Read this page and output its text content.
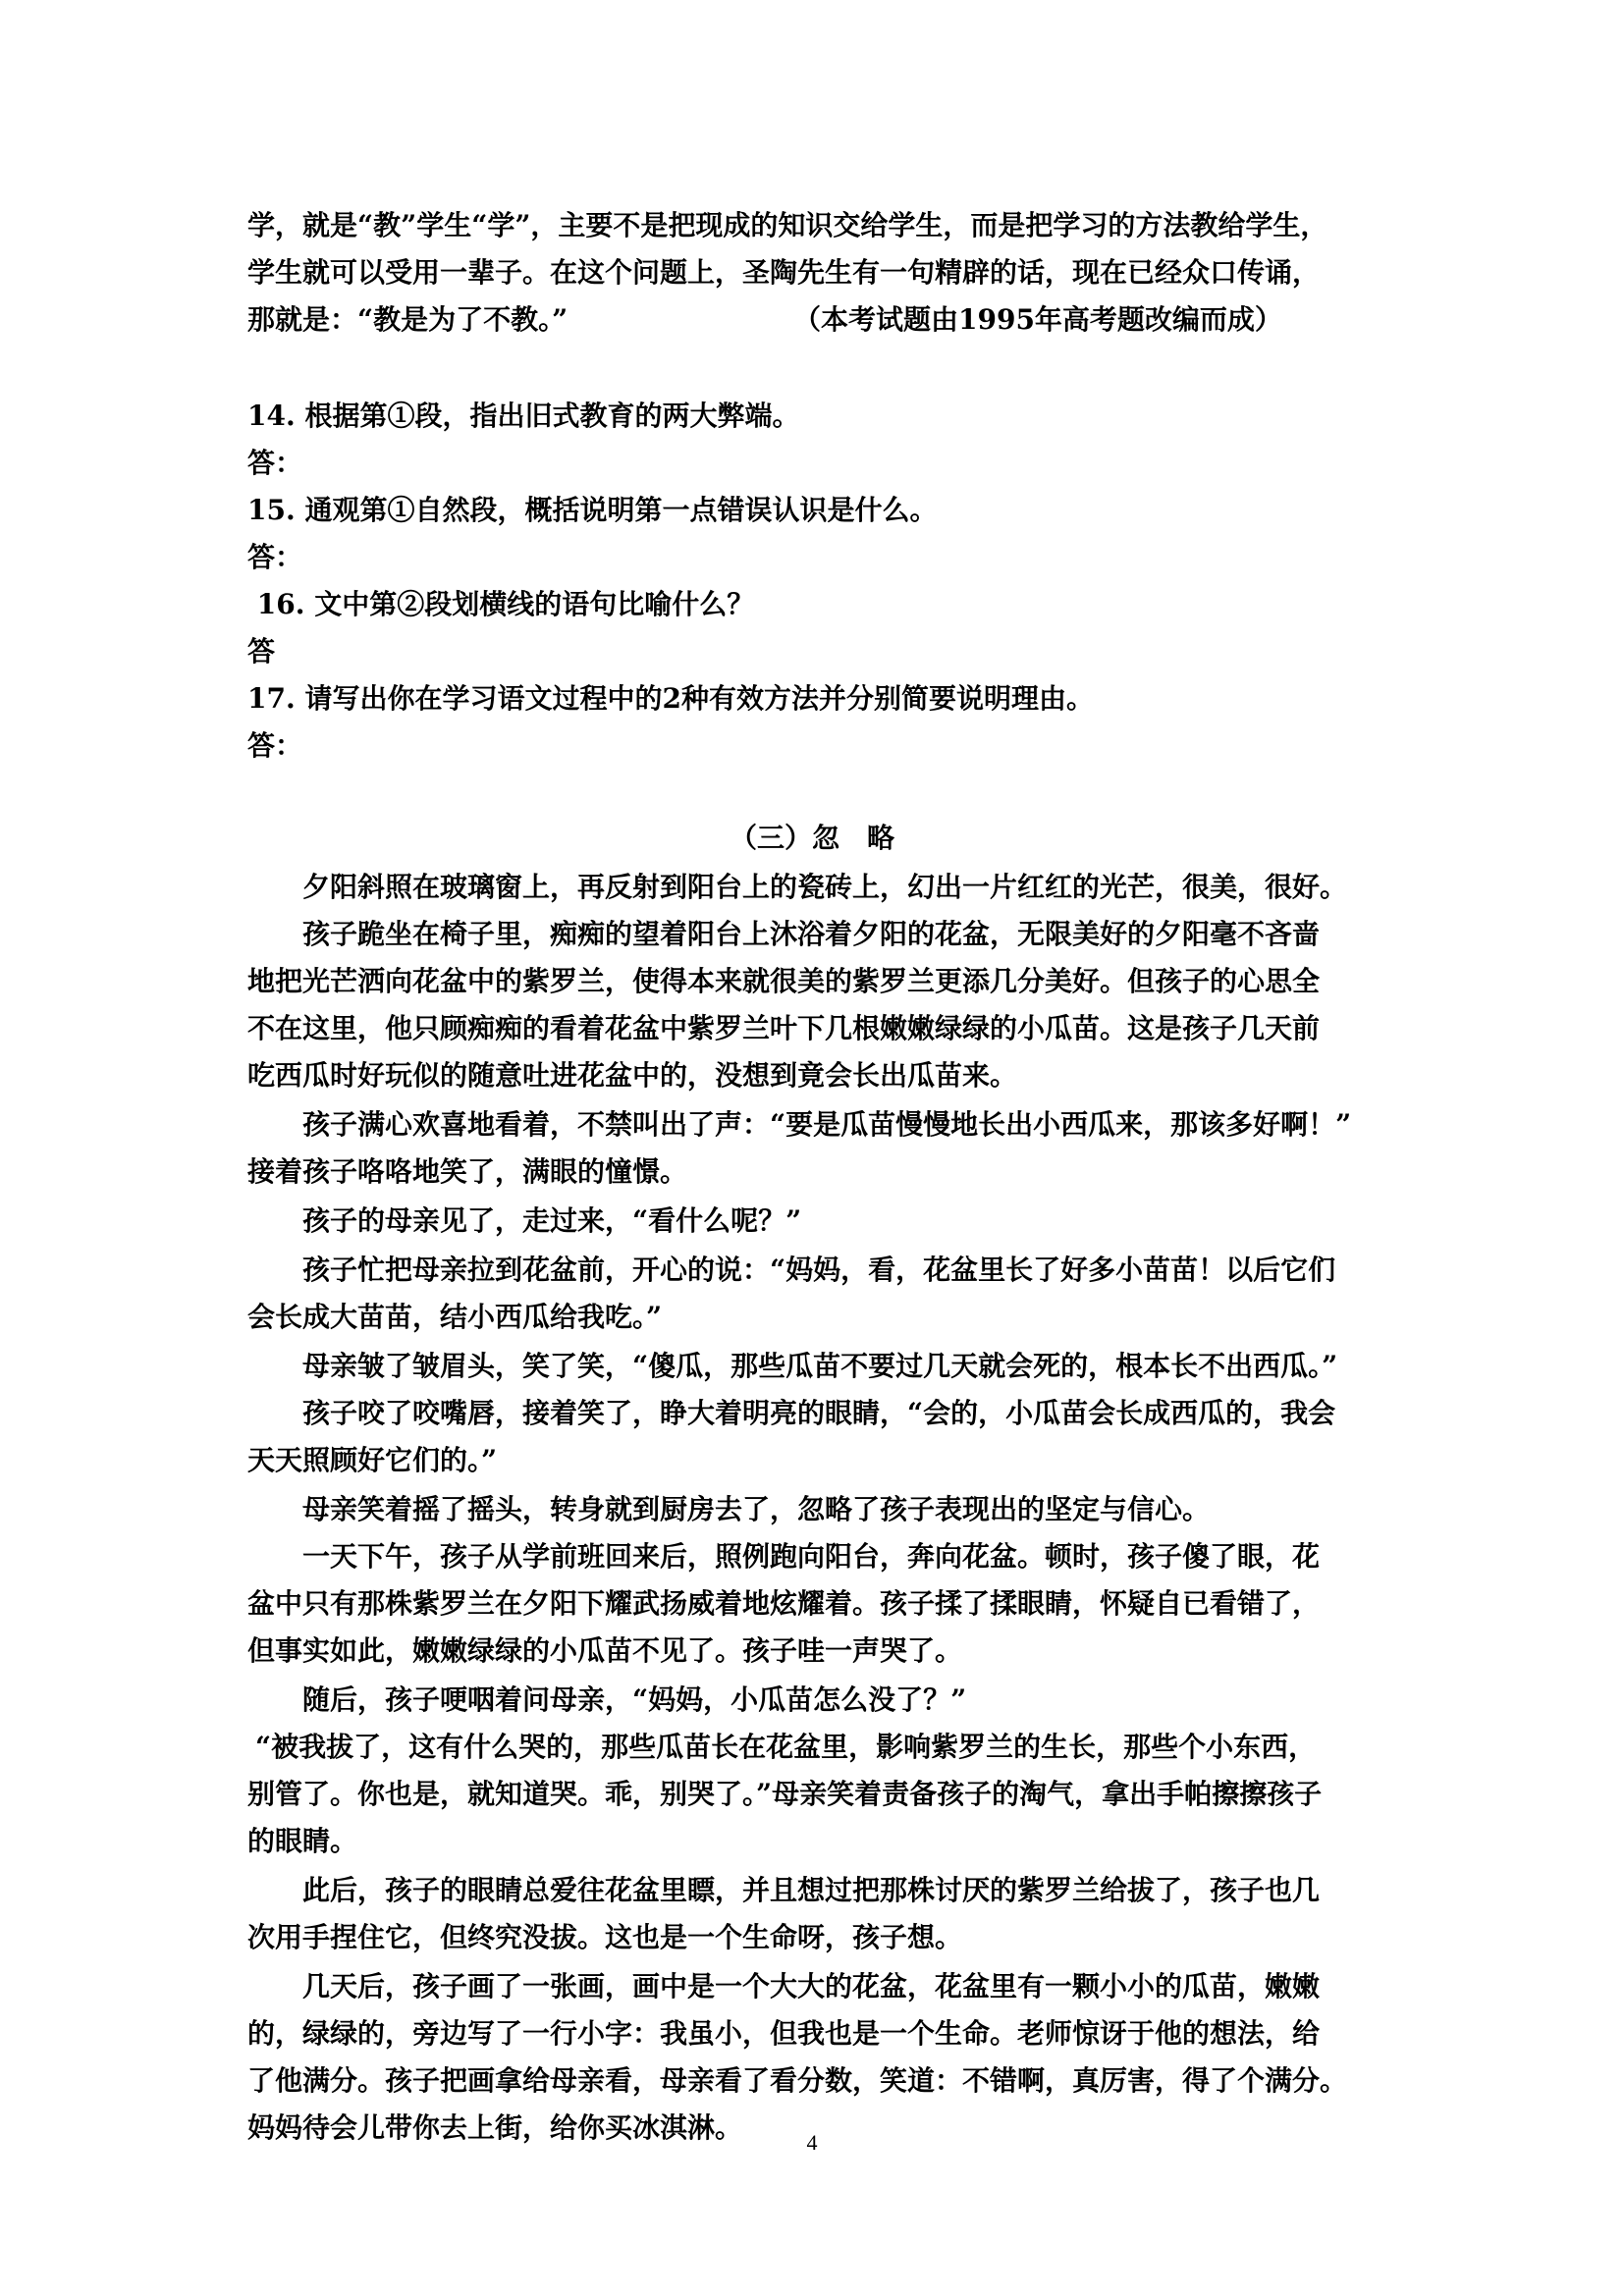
学，就是“教”学生“学”，主要不是把现成的知识交给学生，而是把学习的方法教给学生，
学生就可以受用一辈子。在这个问题上，圣陶先生有一句精辟的话，现在已经众口传诵，
那就是：“教是为了不教。”	（本考试题由1995年高考题改编而成）
14. 根据第①段，指出旧式教育的两大弊端。
答：
15. 通观第①自然段，概括说明第一点错误认识是什么。
答：
16. 文中第②段划横线的语句比喻什么？
答
17. 请写出你在学习语文过程中的2种有效方法并分别简要说明理由。
答：
（三）忽　略
夕阳斜照在玻璃窗上，再反射到阳台上的瓷砖上，幻出一片红红的光芒，很美，很好。
孩子跪坐在椅子里，痴痴的望着阳台上沐浴着夕阳的花盆，无限美好的夕阳毫不吝啬
地把光芒洒向花盆中的紫罗兰，使得本来就很美的紫罗兰更添几分美好。但孩子的心思全
不在这里，他只顾痴痴的看着花盆中紫罗兰叶下几根嫩嫩绿绿的小瓜苗。这是孩子几天前
吃西瓜时好玩似的随意吐进花盆中的，没想到竟会长出瓜苗来。
孩子满心欢喜地看着，不禁叫出了声：“要是瓜苗慢慢地长出小西瓜来，那该多好啊！”
接着孩子咯咯地笑了，满眼的憧憬。
孩子的母亲见了，走过来，“看什么呢？”
孩子忙把母亲拉到花盆前，开心的说：“妈妈，看，花盆里长了好多小苗苗！以后它们
会长成大苗苗，结小西瓜给我吃。”
母亲皱了皱眉头，笑了笑，“傻瓜，那些瓜苗不要过几天就会死的，根本长不出西瓜。”
孩子咬了咬嘴唇，接着笑了，睁大着明亮的眼睛，“会的，小瓜苗会长成西瓜的，我会
天天照顾好它们的。”
母亲笑着摇了摇头，转身就到厨房去了，忽略了孩子表现出的坚定与信心。
一天下午，孩子从学前班回来后，照例跑向阳台，奔向花盆。顿时，孩子傻了眼，花
盆中只有那株紫罗兰在夕阳下耀武扬威着地炫耀着。孩子揉了揉眼睛，怀疑自已看错了，
但事实如此，嫩嫩绿绿的小瓜苗不见了。孩子哇一声哭了。
随后，孩子哽咽着问母亲，“妈妈，小瓜苗怎么没了？”
“被我拔了，这有什么哭的，那些瓜苗长在花盆里，影响紫罗兰的生长，那些个小东西，
别管了。你也是，就知道哭。乖，别哭了。”母亲笑着责备孩子的淘气，拿出手帕擦擦孩子
的眼睛。
此后，孩子的眼睛总爱往花盆里瞟，并且想过把那株讨厌的紫罗兰给拔了，孩子也几
次用手捏住它，但终究没拔。这也是一个生命呀，孩子想。
几天后，孩子画了一张画，画中是一个大大的花盆，花盆里有一颗小小的瓜苗，嫩嫩
的，绿绿的，旁边写了一行小字：我虽小，但我也是一个生命。老师惊讶于他的想法，给
了他满分。孩子把画拿给母亲看，母亲看了看分数，笑道：不错啊，真厉害，得了个满分。
妈妈待会儿带你去上街，给你买冰淇淋。	4
